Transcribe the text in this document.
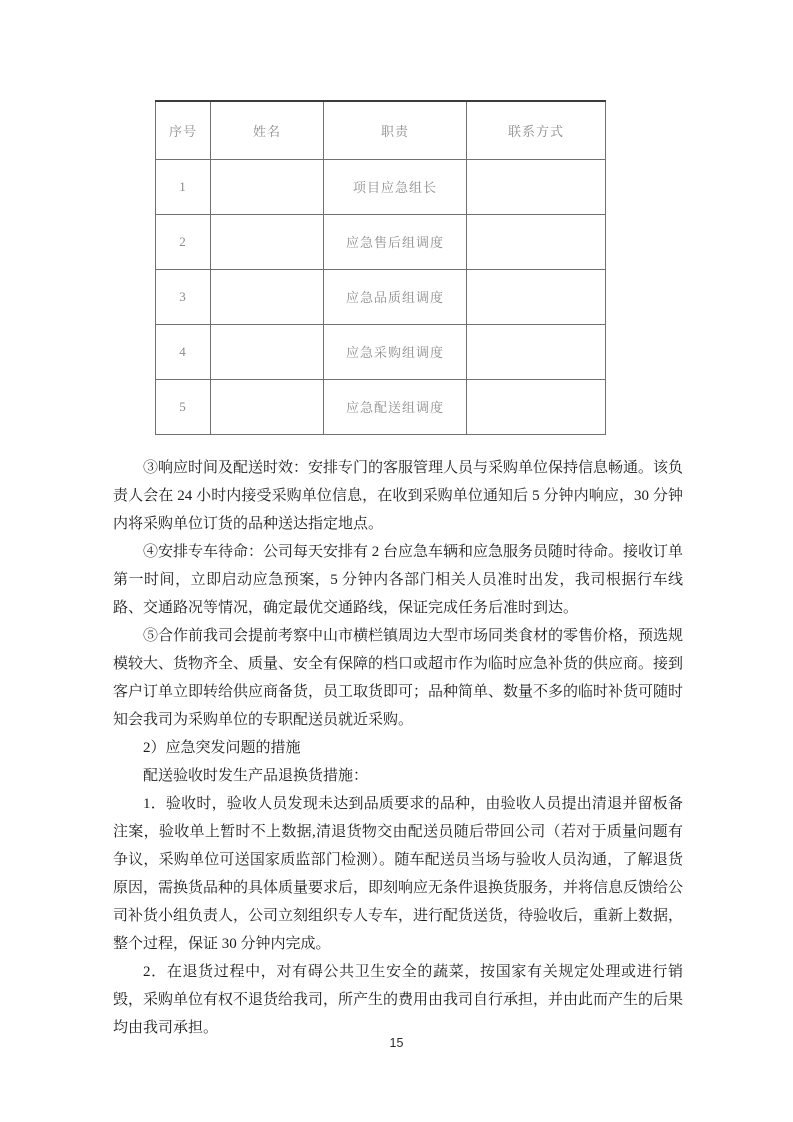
序号	姓名	职责	联系方式
1		项目应急组长	
2		应急售后组调度	
3		应急品质组调度	
4		应急采购组调度	
5		应急配送组调度	

③响应时间及配送时效：安排专门的客服管理人员与采购单位保持信息畅通。该负责人会在 24 小时内接受采购单位信息，在收到采购单位通知后 5 分钟内响应，30 分钟内将采购单位订货的品种送达指定地点。

④安排专车待命：公司每天安排有 2 台应急车辆和应急服务员随时待命。接收订单第一时间，立即启动应急预案，5 分钟内各部门相关人员准时出发，我司根据行车线路、交通路况等情况，确定最优交通路线，保证完成任务后准时到达。

⑤合作前我司会提前考察中山市横栏镇周边大型市场同类食材的零售价格，预选规模较大、货物齐全、质量、安全有保障的档口或超市作为临时应急补货的供应商。接到客户订单立即转给供应商备货，员工取货即可；品种简单、数量不多的临时补货可随时知会我司为采购单位的专职配送员就近采购。

2）应急突发问题的措施

配送验收时发生产品退换货措施：

1．验收时，验收人员发现未达到品质要求的品种，由验收人员提出清退并留板备注案，验收单上暂时不上数据,清退货物交由配送员随后带回公司（若对于质量问题有争议，采购单位可送国家质监部门检测）。随车配送员当场与验收人员沟通，了解退货原因，需换货品种的具体质量要求后，即刻响应无条件退换货服务，并将信息反馈给公司补货小组负责人，公司立刻组织专人专车，进行配货送货，待验收后，重新上数据，整个过程，保证 30 分钟内完成。

2．在退货过程中，对有碍公共卫生安全的蔬菜，按国家有关规定处理或进行销毁，采购单位有权不退货给我司，所产生的费用由我司自行承担，并由此而产生的后果均由我司承担。

15
